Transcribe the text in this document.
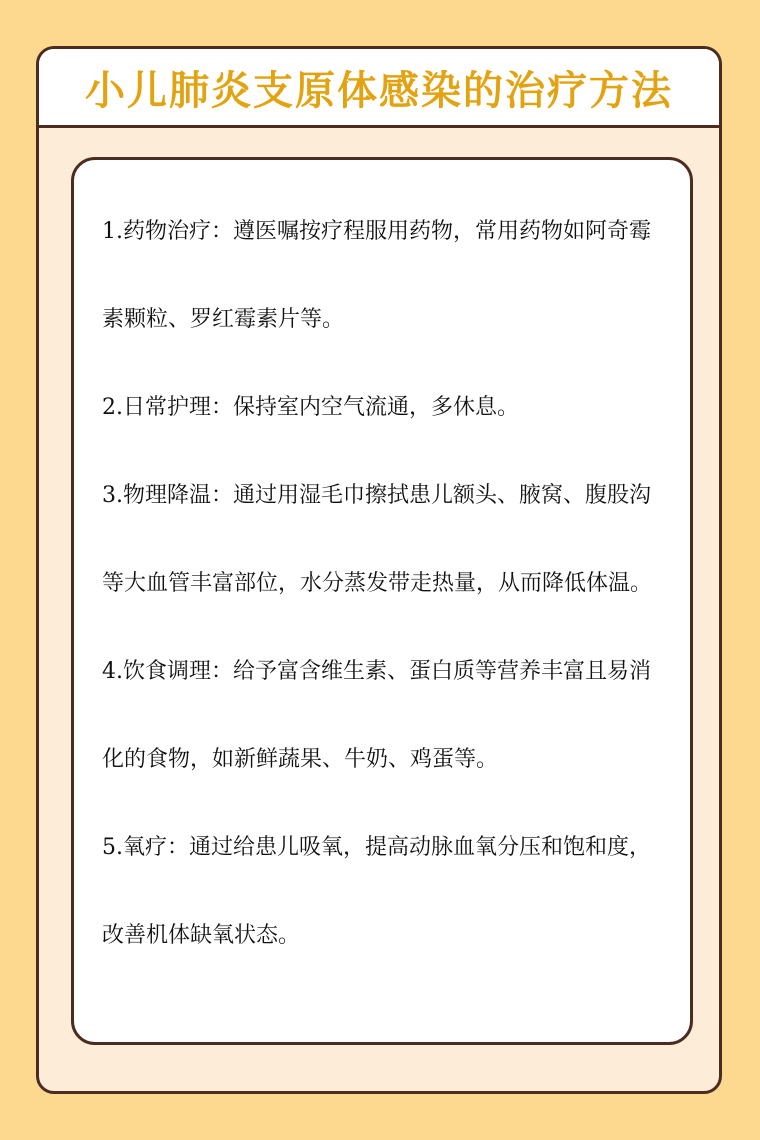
小儿肺炎支原体感染的治疗方法
1.药物治疗：遵医嘱按疗程服用药物，常用药物如阿奇霉素颗粒、罗红霉素片等。
2.日常护理：保持室内空气流通，多休息。
3.物理降温：通过用湿毛巾擦拭患儿额头、腋窝、腹股沟等大血管丰富部位，水分蒸发带走热量，从而降低体温。
4.饮食调理：给予富含维生素、蛋白质等营养丰富且易消化的食物，如新鲜蔬果、牛奶、鸡蛋等。
5.氧疗：通过给患儿吸氧，提高动脉血氧分压和饱和度，改善机体缺氧状态。
